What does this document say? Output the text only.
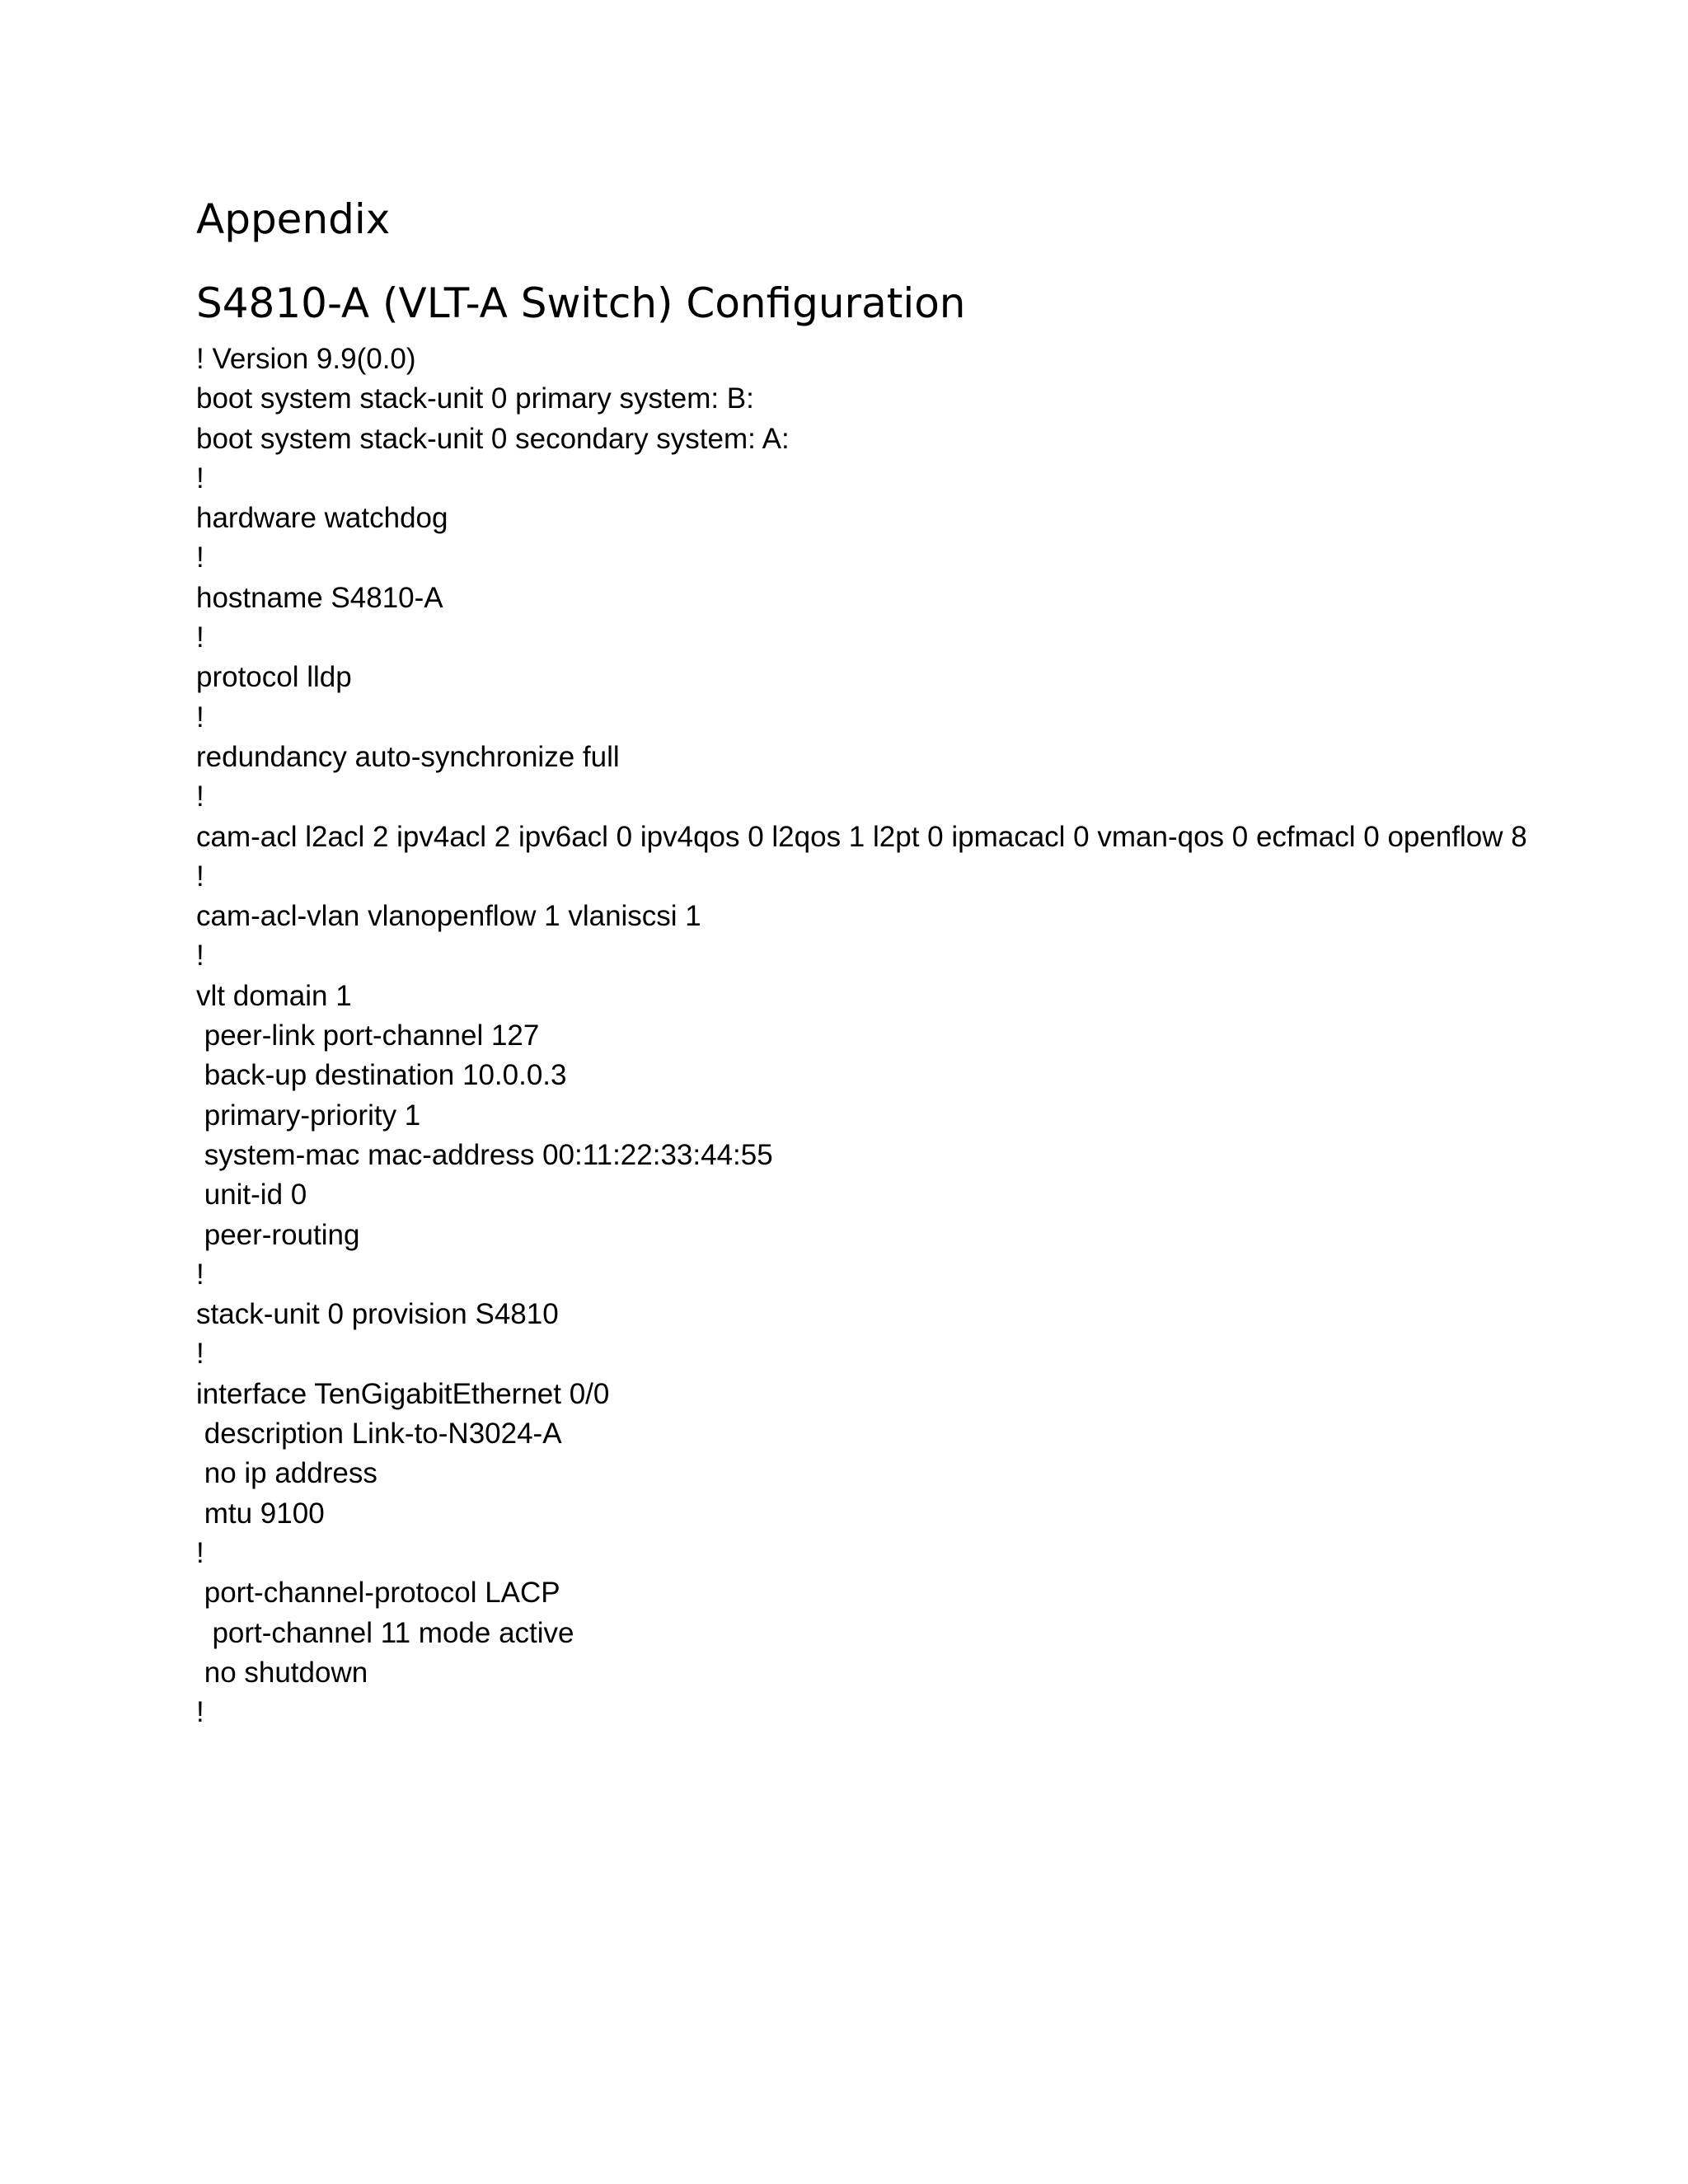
Appendix
S4810-A (VLT-A Switch) Configuration
! Version 9.9(0.0)
boot system stack-unit 0 primary system: B:
boot system stack-unit 0 secondary system: A:
!
hardware watchdog
!
hostname S4810-A
!
protocol lldp
!
redundancy auto-synchronize full
!
cam-acl l2acl 2 ipv4acl 2 ipv6acl 0 ipv4qos 0 l2qos 1 l2pt 0 ipmacacl 0 vman-qos 0 ecfmacl 0 openflow 8
!
cam-acl-vlan vlanopenflow 1 vlaniscsi 1
!
vlt domain 1
peer-link port-channel 127
back-up destination 10.0.0.3
primary-priority 1
system-mac mac-address 00:11:22:33:44:55
unit-id 0
peer-routing
!
stack-unit 0 provision S4810
!
interface TenGigabitEthernet 0/0
description Link-to-N3024-A
no ip address
mtu 9100
!
port-channel-protocol LACP
port-channel 11 mode active
no shutdown
!
